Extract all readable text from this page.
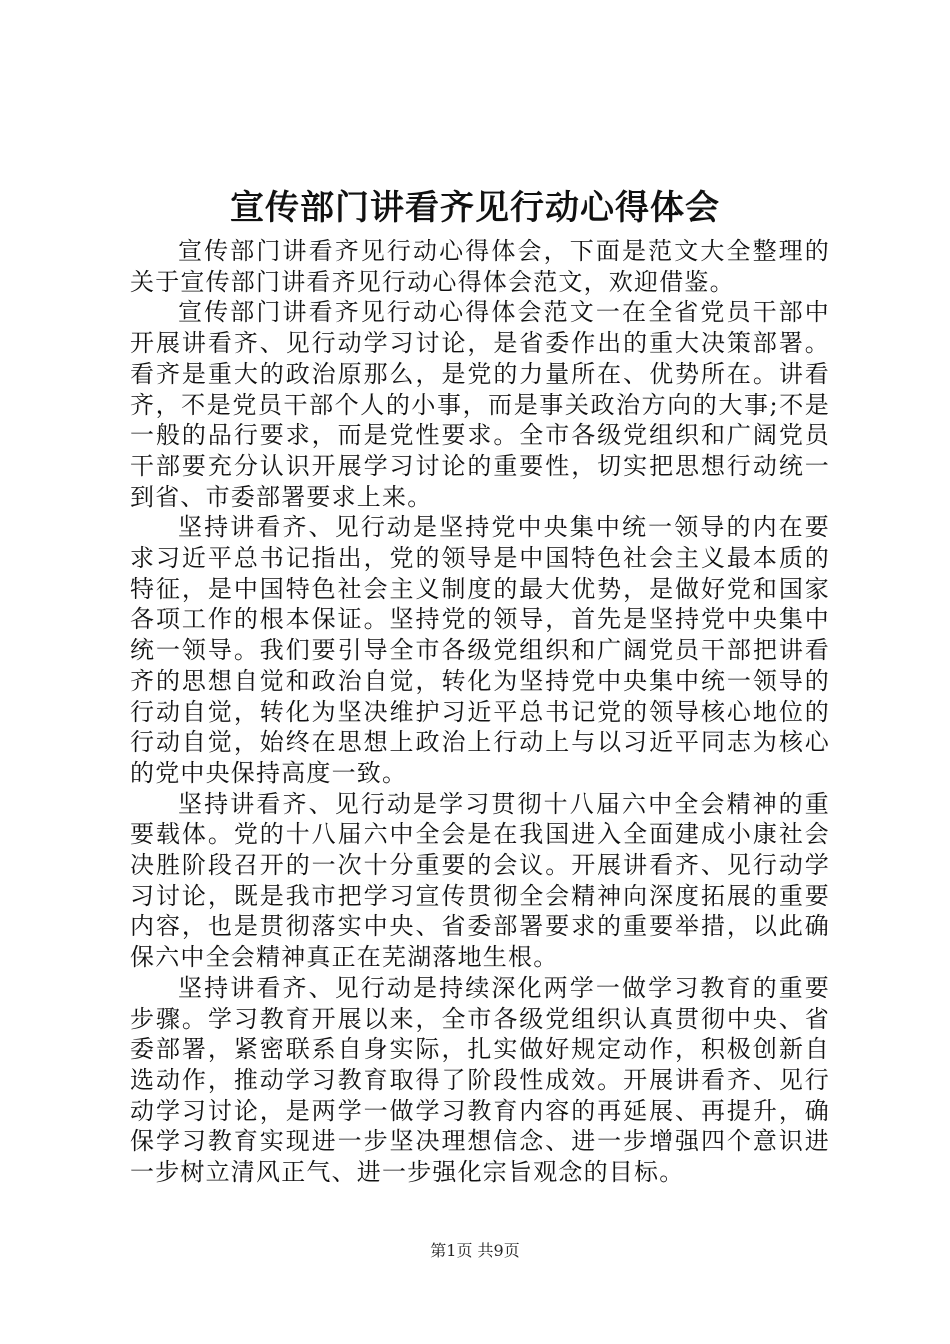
宣传部门讲看齐见行动心得体会

宣传部门讲看齐见行动心得体会，下面是范文大全整理的关于宣传部门讲看齐见行动心得体会范文，欢迎借鉴。

宣传部门讲看齐见行动心得体会范文一在全省党员干部中开展讲看齐、见行动学习讨论，是省委作出的重大决策部署。看齐是重大的政治原那么，是党的力量所在、优势所在。讲看齐，不是党员干部个人的小事，而是事关政治方向的大事;不是一般的品行要求，而是党性要求。全市各级党组织和广阔党员干部要充分认识开展学习讨论的重要性，切实把思想行动统一到省、市委部署要求上来。

坚持讲看齐、见行动是坚持党中央集中统一领导的内在要求习近平总书记指出，党的领导是中国特色社会主义最本质的特征，是中国特色社会主义制度的最大优势，是做好党和国家各项工作的根本保证。坚持党的领导，首先是坚持党中央集中统一领导。我们要引导全市各级党组织和广阔党员干部把讲看齐的思想自觉和政治自觉，转化为坚持党中央集中统一领导的行动自觉，转化为坚决维护习近平总书记党的领导核心地位的行动自觉，始终在思想上政治上行动上与以习近平同志为核心的党中央保持高度一致。

坚持讲看齐、见行动是学习贯彻十八届六中全会精神的重要载体。党的十八届六中全会是在我国进入全面建成小康社会决胜阶段召开的一次十分重要的会议。开展讲看齐、见行动学习讨论，既是我市把学习宣传贯彻全会精神向深度拓展的重要内容，也是贯彻落实中央、省委部署要求的重要举措，以此确保六中全会精神真正在芜湖落地生根。

坚持讲看齐、见行动是持续深化两学一做学习教育的重要步骤。学习教育开展以来，全市各级党组织认真贯彻中央、省委部署，紧密联系自身实际，扎实做好规定动作，积极创新自选动作，推动学习教育取得了阶段性成效。开展讲看齐、见行动学习讨论，是两学一做学习教育内容的再延展、再提升，确保学习教育实现进一步坚决理想信念、进一步增强四个意识进一步树立清风正气、进一步强化宗旨观念的目标。

第1页 共9页
